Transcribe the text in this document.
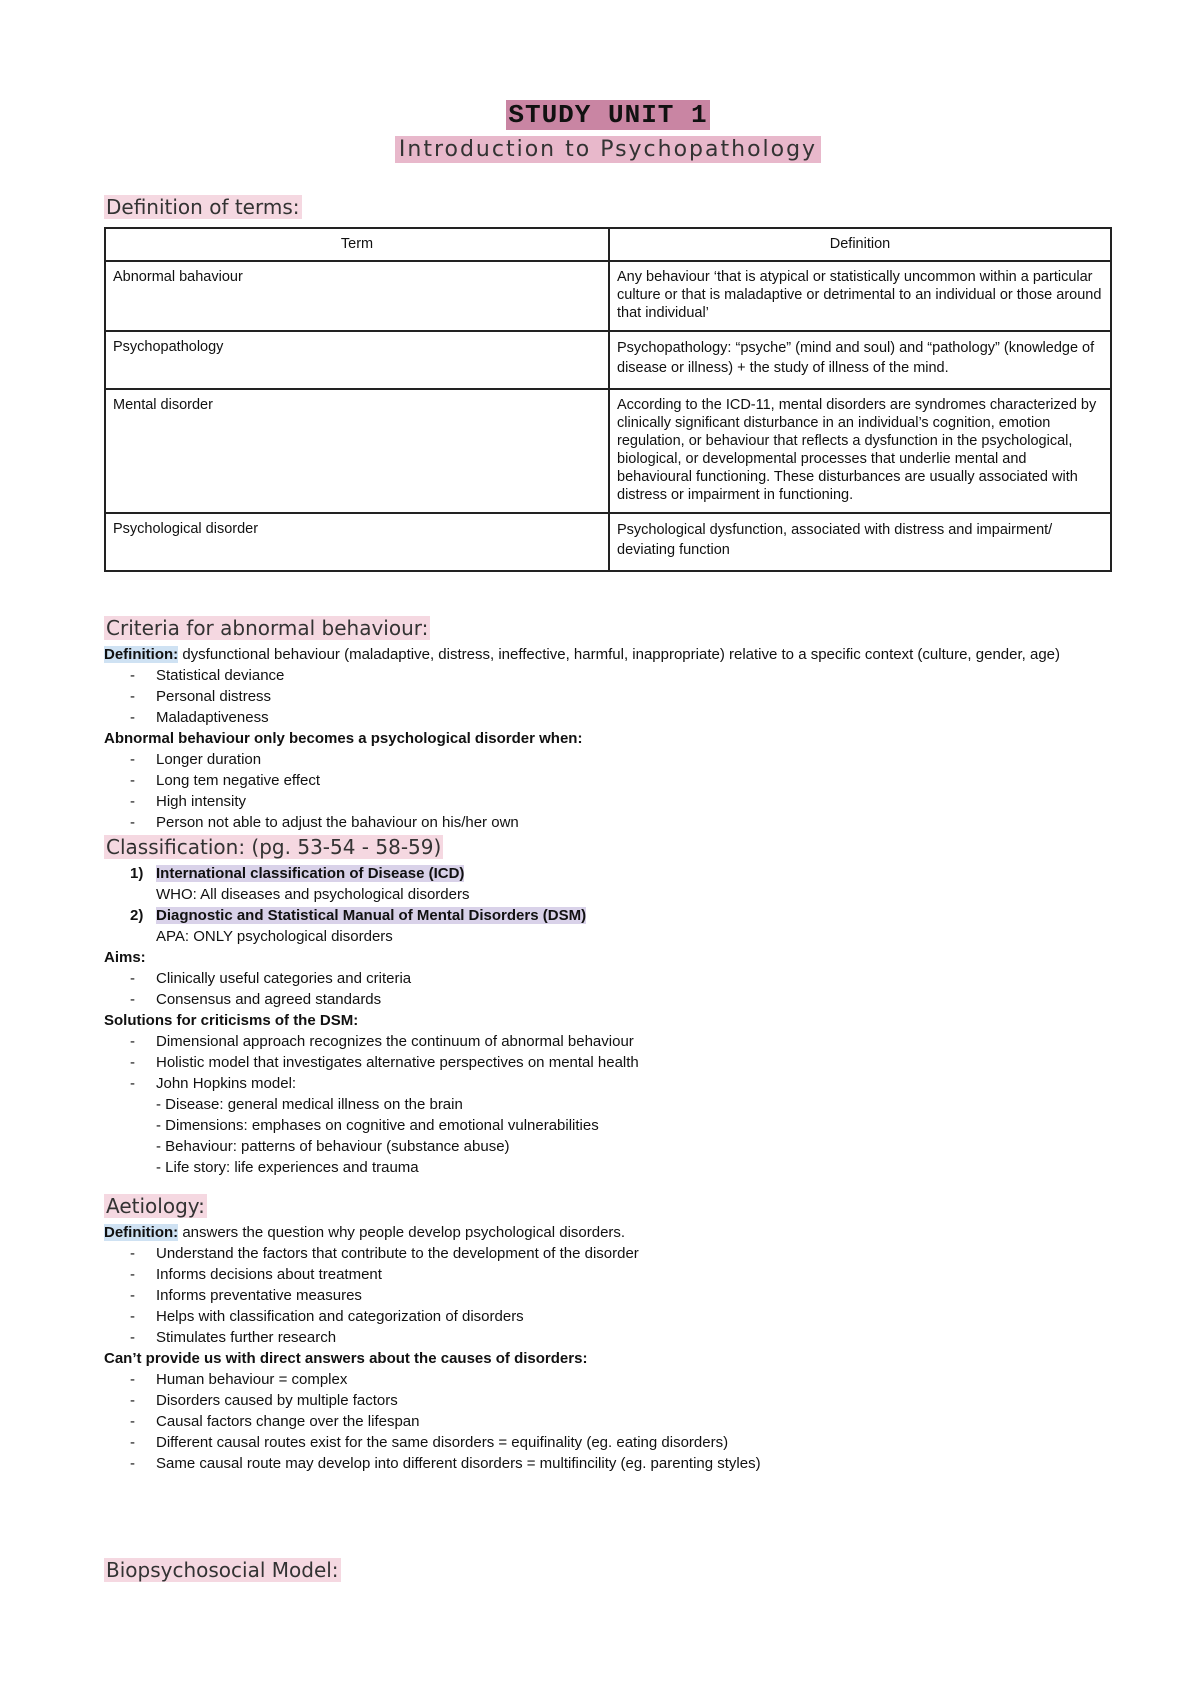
STUDY UNIT 1
Introduction to Psychopathology
Definition of terms:
Term	Definition
Abnormal bahaviour	Any behaviour ‘that is atypical or statistically uncommon within a particular culture or that is maladaptive or detrimental to an individual or those around that individual’
Psychopathology	Psychopathology: “psyche” (mind and soul) and “pathology” (knowledge of disease or illness) + the study of illness of the mind.
Mental disorder	According to the ICD-11, mental disorders are syndromes characterized by clinically significant disturbance in an individual’s cognition, emotion regulation, or behaviour that reflects a dysfunction in the psychological, biological, or developmental processes that underlie mental and behavioural functioning. These disturbances are usually associated with distress or impairment in functioning.
Psychological disorder	Psychological dysfunction, associated with distress and impairment/ deviating function
Criteria for abnormal behaviour:
Definition: dysfunctional behaviour (maladaptive, distress, ineffective, harmful, inappropriate) relative to a specific context (culture, gender, age)
- Statistical deviance
- Personal distress
- Maladaptiveness
Abnormal behaviour only becomes a psychological disorder when:
- Longer duration
- Long tem negative effect
- High intensity
- Person not able to adjust the bahaviour on his/her own
Classification: (pg. 53-54 - 58-59)
1) International classification of Disease (ICD)
WHO: All diseases and psychological disorders
2) Diagnostic and Statistical Manual of Mental Disorders (DSM)
APA: ONLY psychological disorders
Aims:
- Clinically useful categories and criteria
- Consensus and agreed standards
Solutions for criticisms of the DSM:
- Dimensional approach recognizes the continuum of abnormal behaviour
- Holistic model that investigates alternative perspectives on mental health
- John Hopkins model:
- Disease: general medical illness on the brain
- Dimensions: emphases on cognitive and emotional vulnerabilities
- Behaviour: patterns of behaviour (substance abuse)
- Life story: life experiences and trauma
Aetiology:
Definition: answers the question why people develop psychological disorders.
- Understand the factors that contribute to the development of the disorder
- Informs decisions about treatment
- Informs preventative measures
- Helps with classification and categorization of disorders
- Stimulates further research
Can’t provide us with direct answers about the causes of disorders:
- Human behaviour = complex
- Disorders caused by multiple factors
- Causal factors change over the lifespan
- Different causal routes exist for the same disorders = equifinality (eg. eating disorders)
- Same causal route may develop into different disorders = multifincility (eg. parenting styles)
Biopsychosocial Model:
